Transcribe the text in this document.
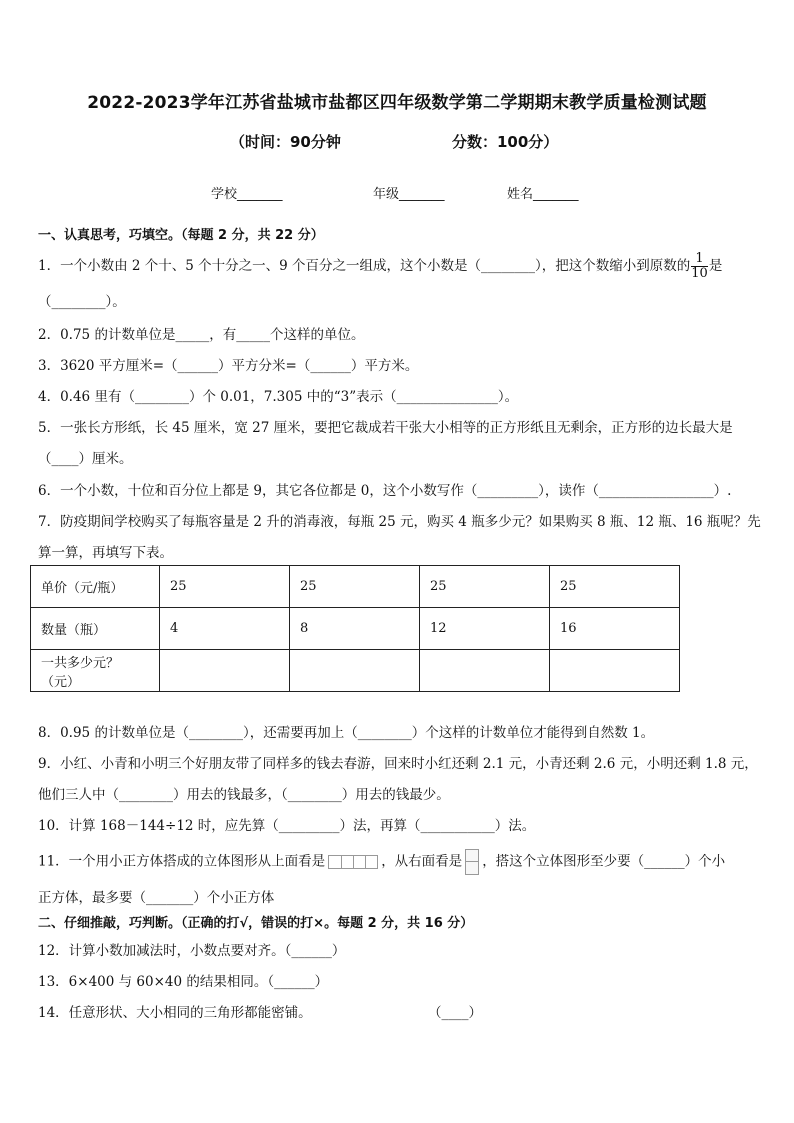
2022-2023学年江苏省盐城市盐都区四年级数学第二学期期末教学质量检测试题
（时间：90分钟	分数：100分）
学校_______	年级_______	姓名_______
一、认真思考，巧填空。（每题 2 分，共 22 分）
1．一个小数由 2 个十、5 个十分之一、9 个百分之一组成，这个小数是（________），把这个数缩小到原数的 $\frac{1}{10}$ 是
（________）。
2．0.75 的计数单位是_____，有_____个这样的单位。
3．3620 平方厘米=（______）平方分米=（______）平方米。
4．0.46 里有（________）个 0.01，7.305 中的“3”表示（_______________）。
5．一张长方形纸，长 45 厘米，宽 27 厘米，要把它裁成若干张大小相等的正方形纸且无剩余，正方形的边长最大是
（____）厘米。
6．一个小数，十位和百分位上都是 9，其它各位都是 0，这个小数写作（_________），读作（_________________）.
7．防疫期间学校购买了每瓶容量是 2 升的消毒液，每瓶 25 元，购买 4 瓶多少元？如果购买 8 瓶、12 瓶、16 瓶呢？先
算一算，再填写下表。
单价（元/瓶）	25	25	25	25
数量（瓶）	4	8	12	16
一共多少元？（元）				
8．0.95 的计数单位是（________），还需要再加上（________）个这样的计数单位才能得到自然数 1。
9．小红、小青和小明三个好朋友带了同样多的钱去春游，回来时小红还剩 2.1 元，小青还剩 2.6 元，小明还剩 1.8 元，
他们三人中（________）用去的钱最多，（________）用去的钱最少。
10．计算 168－144÷12 时，应先算（_________）法，再算（___________）法。
11．一个用小正方体搭成的立体图形从上面看是	，从右面看是 ，搭这个立体图形至少要（______）个小
正方体，最多要（_______）个小正方体
二、仔细推敲，巧判断。（正确的打√，错误的打×。每题 2 分，共 16 分）
12．计算小数加减法时，小数点要对齐。（______）
13．6×400 与 60×40 的结果相同。（______）
14．任意形状、大小相同的三角形都能密铺。	（____）
